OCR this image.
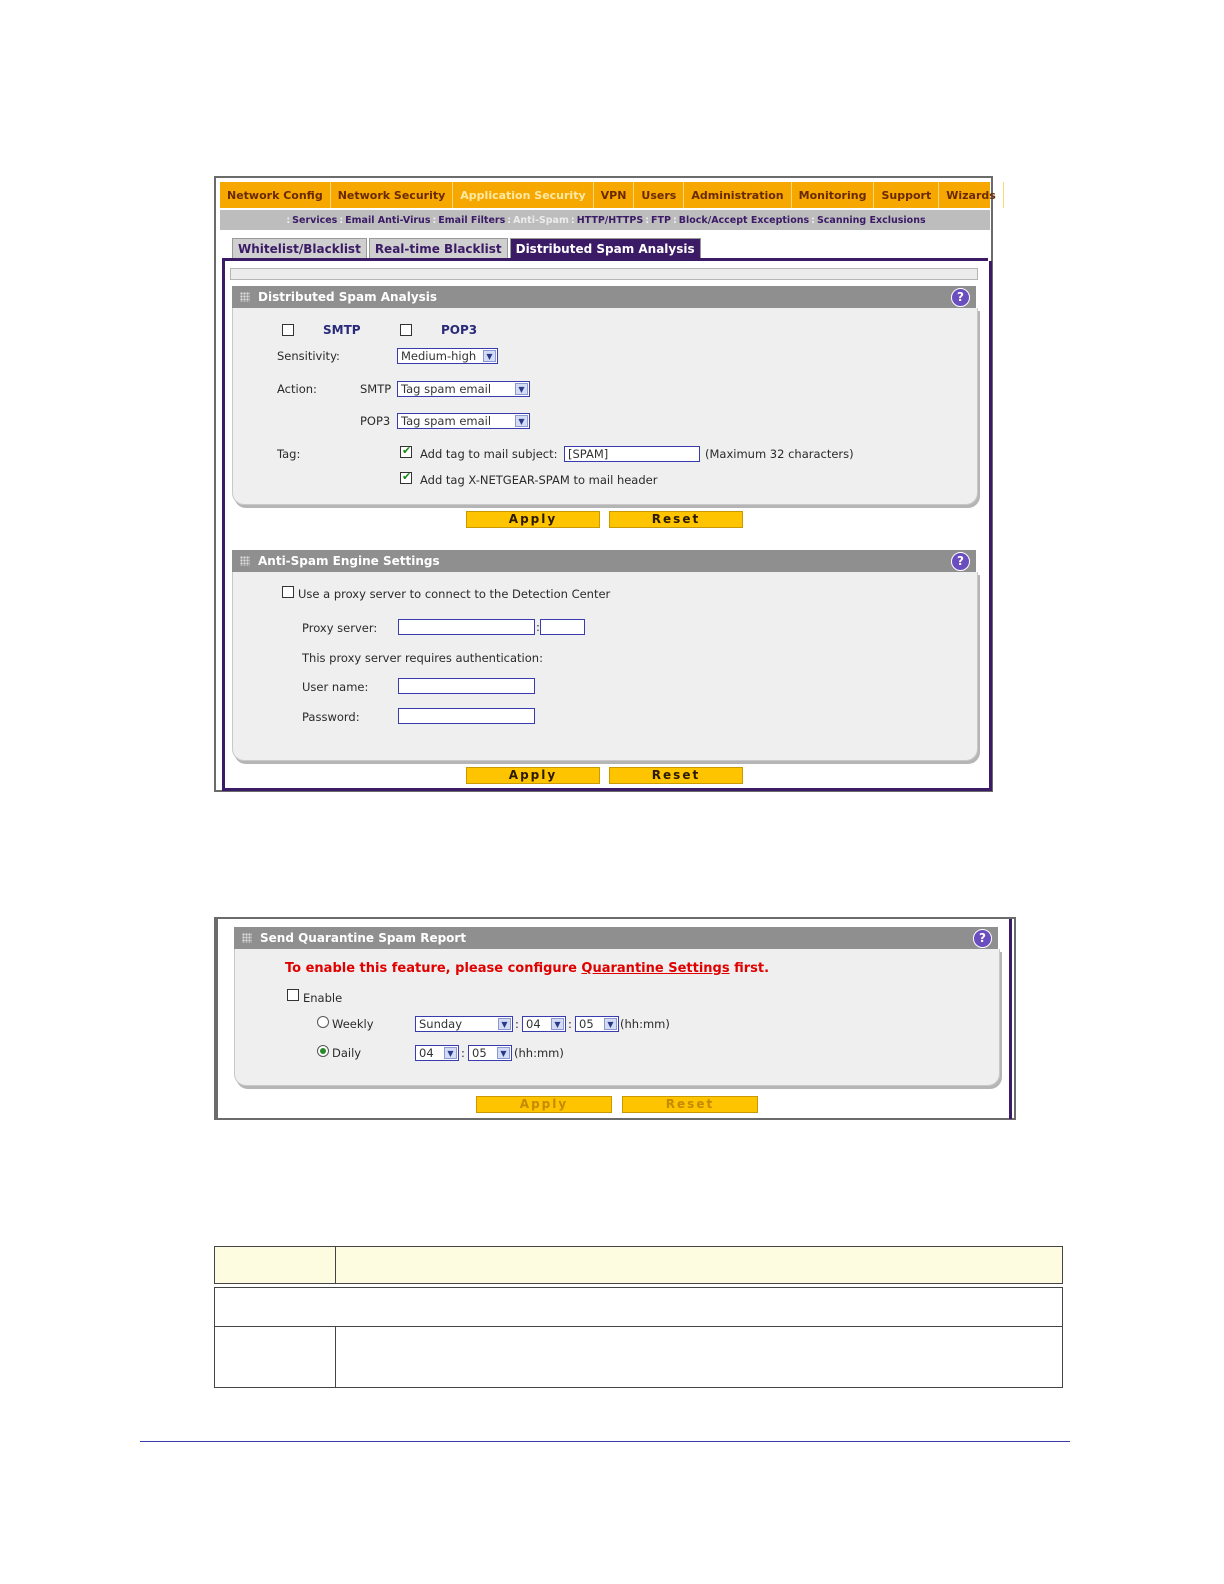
Network Config	Network Security	Application Security	VPN	Users	Administration	Monitoring	Support	Wizards
: Services : Email Anti-Virus : Email Filters : Anti-Spam : HTTP/HTTPS : FTP : Block/Accept Exceptions : Scanning Exclusions
Whitelist/Blacklist	Real-time Blacklist	Distributed Spam Analysis
Distributed Spam Analysis	?
SMTP	POP3
Sensitivity:	Medium-high	▼
Action:	SMTP Tag spam email	▼
POP3 Tag spam email	▼
Tag:
✔	Add tag to mail subject: [SPAM]	(Maximum 32 characters)
✔
Add tag X-NETGEAR-SPAM to mail header
Apply	Reset
Anti-Spam Engine Settings	?
Use a proxy server to connect to the Detection Center
Proxy server:	:
This proxy server requires authentication:
User name:
Password:
Apply	Reset
Send Quarantine Spam Report	?
To enable this feature, please configure Quarantine Settings first.
Enable
Weekly	Sunday	▼ : 04	▼ : 05	▼ (hh:mm)
Daily	04	▼ : 05	▼ (hh:mm)
Apply	Reset
